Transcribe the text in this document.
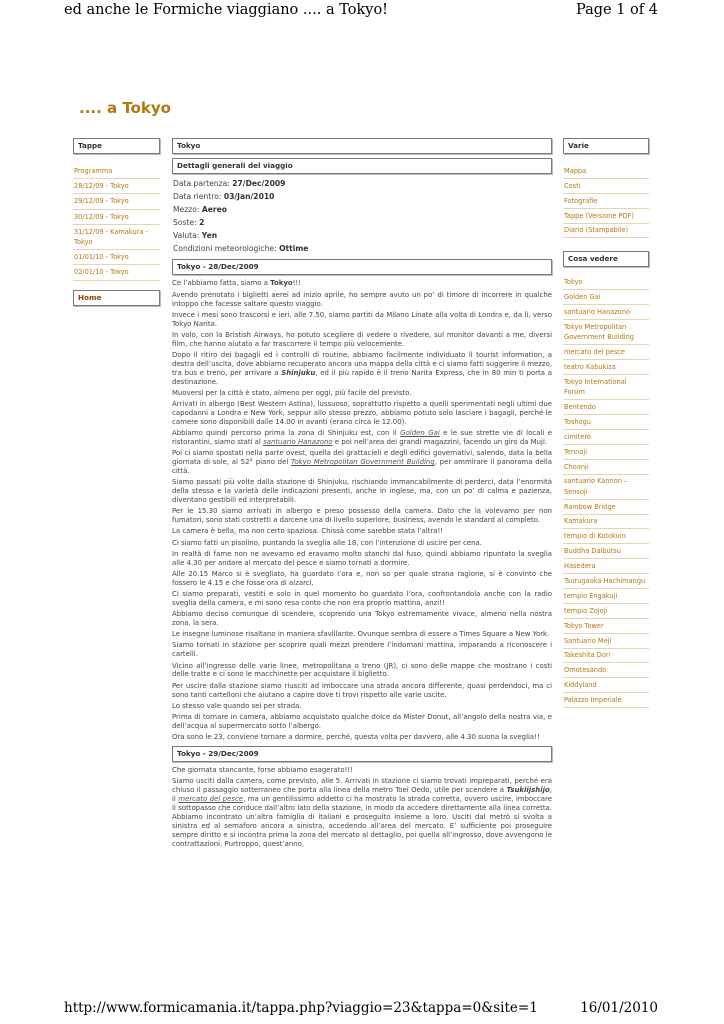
ed anche le Formiche viaggiano .... a Tokyo!	Page 1 of 4
.... a Tokyo
Tappe
Programma
28/12/09 - Tokyo
29/12/09 - Tokyo
30/12/09 - Tokyo
31/12/09 - Kamakura - Tokyo
01/01/10 - Tokyo
02/01/10 - Tokyo
Home
Varie
Mappa
Costi
Fotografie
Tappe (Versione PDF)
Diario (Stampabile)
Cosa vedere
Tokyo
Golden Gai
santuario Hanazono
Tokyo Metropolitan Government Building
mercato del pesce
teatro Kabukiza
Tokyo International Forum
Bentendo
Toshogu
cimitero
Tennoji
Choanji
santuario Kannon – Sensoji
Rainbow Bridge
Kamakura
tempio di Kotokuin
Buddha Daibutsu
Hasedera
Tsurugaoka Hachimangu
tempio Engakuji
tempio Zojoji
Tokyo Tower
Santuario Meji
Takeshita Dori
Omotesando
Kiddyland
Palazzo Imperiale
Tokyo
Dettagli generali del viaggio
Data partenza: 27/Dec/2009
Data rientro: 03/Jan/2010
Mezzo: Aereo
Soste: 2
Valuta: Yen
Condizioni meteorologiche: Ottime
Tokyo - 28/Dec/2009

Ce l’abbiamo fatta, siamo a Tokyo!!!

Avendo prenotato i biglietti aerei ad inizio aprile, ho sempre avuto un po’ di timore di incorrere in qualche intoppo che facesse saltare questo viaggio.

Invece i mesi sono trascorsi e ieri, alle 7.50, siamo partiti da Milano Linate alla volta di Londra e, da lì, verso Tokyo Narita.

In volo, con la Bristish Airways, ho potuto scegliere di vedere o rivedere, sul monitor davanti a me, diversi film, che hanno aiutato a far trascorrere il tempo più velocemente.

Dopo il ritiro dei bagagli ed i controlli di routine, abbiamo facilmente individuato il tourist information, a destra dell’uscita, dove abbiamo recuperato ancora una mappa della città e ci siamo fatti suggerire il mezzo, tra bus e treno, per arrivare a Shinjuku, ed il più rapido è il treno Narita Express, che in 80 min ti porta a destinazione.

Muoversi per la città è stato, almeno per oggi, più facile del previsto.

Arrivati in albergo (Best Western Astina), lussuoso, soprattutto rispetto a quelli sperimentati negli ultimi due capodanni a Londra e New York, seppur allo stesso prezzo, abbiamo potuto solo lasciare i bagagli, perché le camere sono disponibili dalle 14.00 in avanti (erano circa le 12.00).

Abbiamo quindi percorso prima la zona di Shinjuku est, con il Golden Gai e le sue strette vie di locali e ristorantini, siamo stati al santuario Hanazono e poi nell’area dei grandi magazzini, facendo un giro da Muji.

Poi ci siamo spostati nella parte ovest, quella dei grattacieli e degli edifici governativi, salendo, data la bella giornata di sole, al 52° piano del Tokyo Metropolitan Government Building, per ammirare il panorama della città.

Siamo passati più volte dalla stazione di Shinjuku, rischiando immancabilmente di perderci, data l’enormità della stessa e la varietà delle indicazioni presenti, anche in inglese, ma, con un po’ di calma e pazienza, diventano gestibili ed interpretabili.

Per le 15.30 siamo arrivati in albergo e preso possesso della camera. Dato che la volevamo per non fumatori, sono stati costretti a darcene una di livello superiore, business, avendo le standard al completo.

La camera è bella, ma non certo spaziosa. Chissà come sarebbe stata l’altra!!

Ci siamo fatti un pisolino, puntando la sveglia alle 18, con l’intenzione di uscire per cena.

In realtà di fame non ne avevamo ed eravamo molto stanchi dal fuso, quindi abbiamo ripuntato la sveglia alle 4.30 per andare al mercato del pesce e siamo tornati a dormire.

Alle 20.15 Marco si è svegliato, ha guardato l’ora e, non so per quale strana ragione, si è convinto che fossero le 4.15 e che fosse ora di alzarci.

Ci siamo preparati, vestiti e solo in quel momento ho guardato l’ora, confrontandola anche con la radio sveglia della camera, e mi sono resa conto che non era proprio mattina, anzi!!

Abbiamo deciso comunque di scendere, scoprendo una Tokyo estremamente vivace, almeno nella nostra zona, la sera.

Le insegne luminose risaltano in maniera sfavillante. Ovunque sembra di essere a Times Square a New York.

Siamo tornati in stazione per scoprire quali mezzi prendere l’indomani mattina, imparando a riconoscere i cartelli.

Vicino all’ingresso delle varie linee, metropolitana o treno (JR), ci sono delle mappe che mostrano i costi delle tratte e ci sono le macchinette per acquistare il biglietto.

Per uscire dalla stazione siamo riusciti ad imboccare una strada ancora differente, quasi perdendoci, ma ci sono tanti cartelloni che aiutano a capire dove ti trovi rispetto alle varie uscite.

Lo stesso vale quando sei per strada.

Prima di tornare in camera, abbiamo acquistato qualche dolce da Mister Donut, all’angolo della nostra via, e dell’acqua al supermercato sotto l’albergo.

Ora sono le 23, conviene tornare a dormire, perché, questa volta per davvero, alle 4.30 suona la sveglia!!

Tokyo - 29/Dec/2009

Che giornata stancante, forse abbiamo esagerato!!!

Siamo usciti dalla camera, come previsto, alle 5. Arrivati in stazione ci siamo trovati impreparati, perché era chiuso il passaggio sotterraneo che porta alla linea della metro Toei Oedo, utile per scendere a Tsukiijshijo, il mercato del pesce, ma un gentilissimo addetto ci ha mostrato la strada corretta, ovvero uscire, imboccare il sottopasso che conduce dall’altro lato della stazione, in modo da accedere direttamente alla linea corretta. Abbiamo incontrato un’altra famiglia di italiani e proseguito insieme a loro. Usciti dal metrò si svolta a sinistra ed al semaforo ancora a sinistra, accedendo all’area del mercato. E’ sufficiente poi proseguire sempre diritto e si incontra prima la zona del mercato al dettaglio, poi quella all’ingrosso, dove avvengono le contrattazioni. Purtroppo, quest’anno,

http://www.formicamania.it/tappa.php?viaggio=23&tappa=0&site=1	16/01/2010
